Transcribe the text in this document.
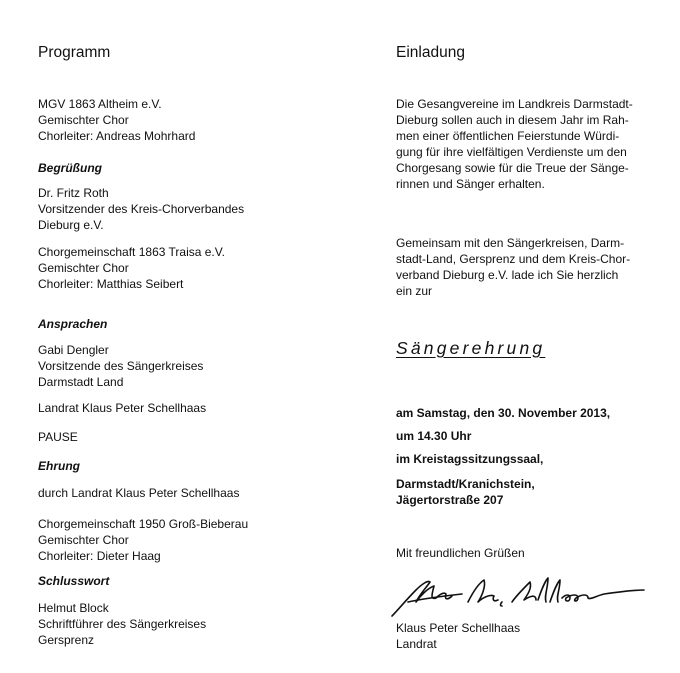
Programm
MGV 1863 Altheim e.V.
Gemischter Chor
Chorleiter: Andreas Mohrhard
Begrüßung
Dr. Fritz Roth
Vorsitzender des Kreis-Chorverbandes
Dieburg e.V.
Chorgemeinschaft 1863 Traisa e.V.
Gemischter Chor
Chorleiter: Matthias Seibert
Ansprachen
Gabi Dengler
Vorsitzende des Sängerkreises
Darmstadt Land
Landrat Klaus Peter Schellhaas
PAUSE
Ehrung
durch Landrat Klaus Peter Schellhaas
Chorgemeinschaft 1950 Groß-Bieberau
Gemischter Chor
Chorleiter: Dieter Haag
Schlusswort
Helmut Block
Schriftführer des Sängerkreises
Gersprenz
Einladung
Die Gesangvereine im Landkreis Darmstadt-
Dieburg sollen auch in diesem Jahr im Rah-
men einer öffentlichen Feierstunde Würdi-
gung für ihre vielfältigen Verdienste um den
Chorgesang sowie für die Treue der Sänge-
rinnen und Sänger erhalten.
Gemeinsam mit den Sängerkreisen, Darm-
stadt-Land, Gersprenz und dem Kreis-Chor-
verband Dieburg e.V. lade ich Sie herzlich
ein zur
Sängerehrung
am Samstag, den 30. November 2013,
um 14.30 Uhr
im Kreistagssitzungssaal,
Darmstadt/Kranichstein,
Jägertorstraße 207
Mit freundlichen Grüßen
Klaus Peter Schellhaas
Landrat
